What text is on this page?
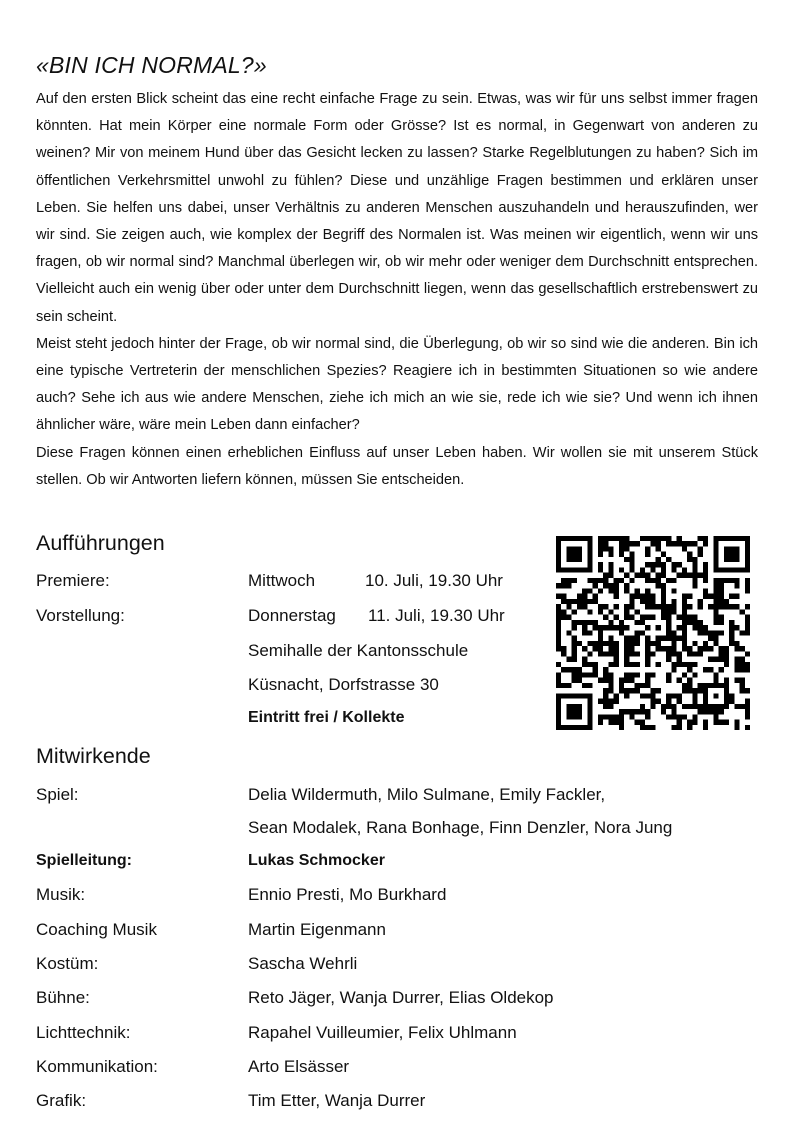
«BIN ICH NORMAL?»

Auf den ersten Blick scheint das eine recht einfache Frage zu sein. Etwas, was wir für uns selbst immer fragen könnten. Hat mein Körper eine normale Form oder Grösse? Ist es normal, in Gegenwart von anderen zu weinen? Mir von meinem Hund über das Gesicht lecken zu lassen? Starke Regelblutungen zu haben? Sich im öffentlichen Verkehrsmittel unwohl zu fühlen? Diese und unzählige Fragen bestimmen und erklären unser Leben. Sie helfen uns dabei, unser Verhältnis zu anderen Menschen auszuhandeln und herauszufinden, wer wir sind. Sie zeigen auch, wie komplex der Begriff des Normalen ist. Was meinen wir eigentlich, wenn wir uns fragen, ob wir normal sind? Manchmal überlegen wir, ob wir mehr oder weniger dem Durchschnitt entsprechen. Vielleicht auch ein wenig über oder unter dem Durchschnitt liegen, wenn das gesellschaftlich erstrebenswert zu sein scheint.

Meist steht jedoch hinter der Frage, ob wir normal sind, die Überlegung, ob wir so sind wie die anderen. Bin ich eine typische Vertreterin der menschlichen Spezies? Reagiere ich in bestimmten Situationen so wie andere auch? Sehe ich aus wie andere Menschen, ziehe ich mich an wie sie, rede ich wie sie? Und wenn ich ihnen ähnlicher wäre, wäre mein Leben dann einfacher?

Diese Fragen können einen erheblichen Einfluss auf unser Leben haben. Wir wollen sie mit unserem Stück stellen. Ob wir Antworten liefern können, müssen Sie entscheiden.

Aufführungen
Premiere:	Mittwoch	10. Juli, 19.30 Uhr
Vorstellung:	Donnerstag 11. Juli, 19.30 Uhr
Semihalle der Kantonsschule
Küsnacht, Dorfstrasse 30
Eintritt frei / Kollekte
Mitwirkende
Spiel:	Delia Wildermuth, Milo Sulmane, Emily Fackler,
Sean Modalek, Rana Bonhage, Finn Denzler, Nora Jung
Spielleitung:	Lukas Schmocker
Musik:	Ennio Presti, Mo Burkhard
Coaching Musik	Martin Eigenmann
Kostüm:	Sascha Wehrli
Bühne:	Reto Jäger, Wanja Durrer, Elias Oldekop
Lichttechnik:	Rapahel Vuilleumier, Felix Uhlmann
Kommunikation:	Arto Elsässer
Grafik:	Tim Etter, Wanja Durrer
